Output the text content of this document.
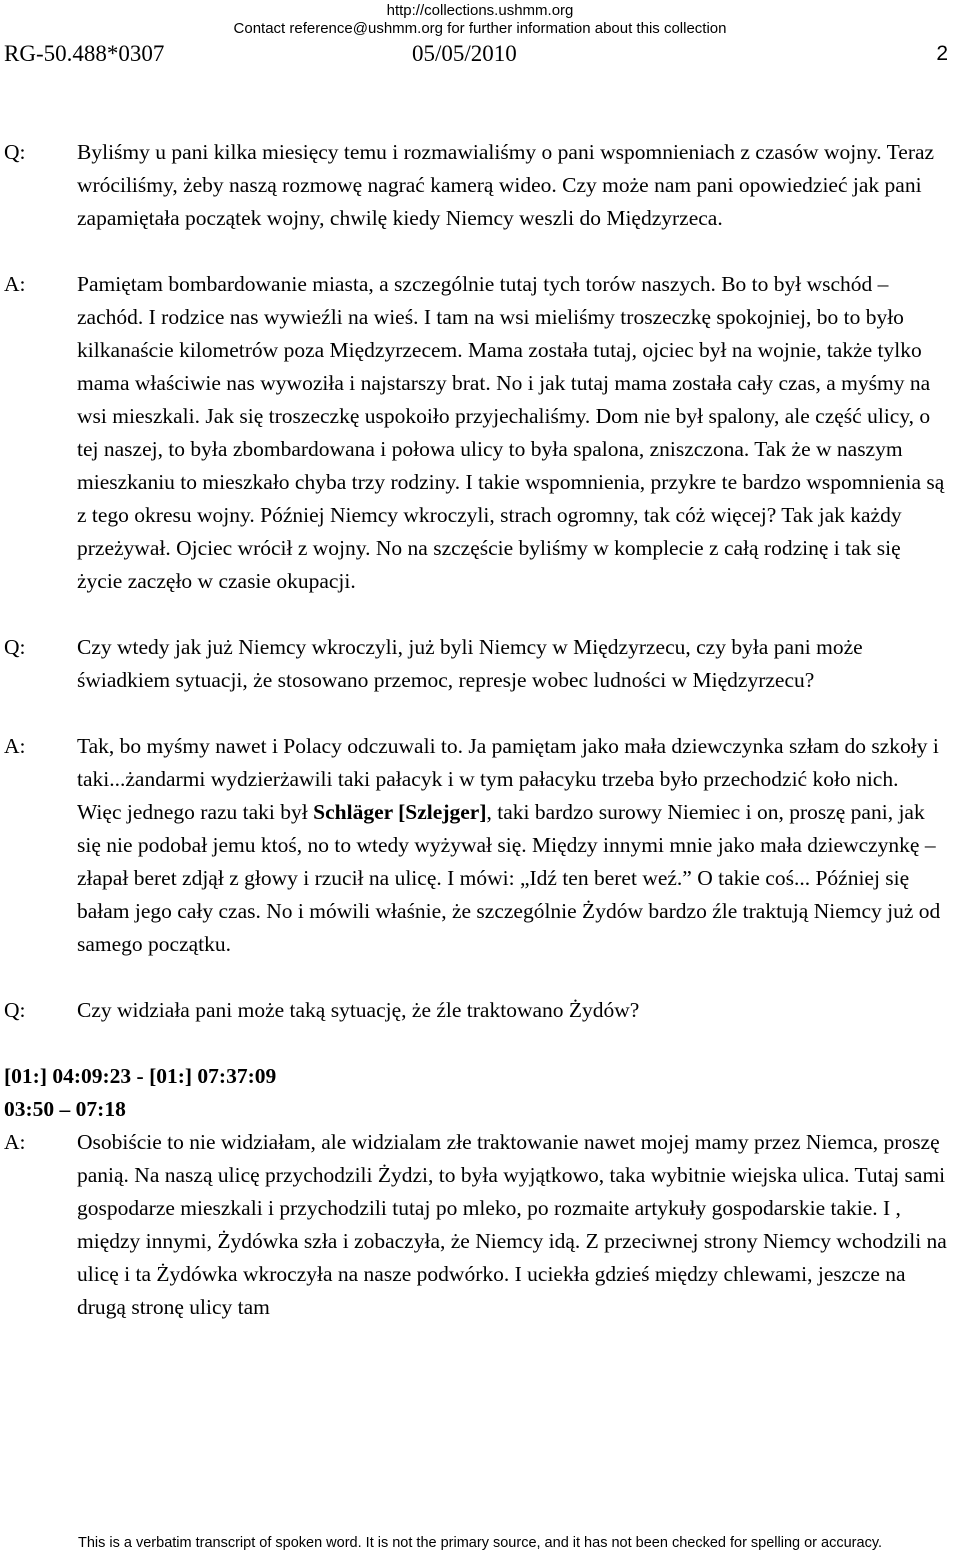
http://collections.ushmm.org
Contact reference@ushmm.org for further information about this collection
RG-50.488*0307	05/05/2010	2
Q: Byliśmy u pani kilka miesięcy temu i rozmawialiśmy o pani wspomnieniach z czasów wojny. Teraz wróciliśmy, żeby naszą rozmowę nagrać kamerą wideo. Czy może nam pani opowiedzieć jak pani zapamiętała początek wojny, chwilę kiedy Niemcy weszli do Międzyrzeca.
A: Pamiętam bombardowanie miasta, a szczególnie tutaj tych torów naszych. Bo to był wschód – zachód. I rodzice nas wywieźli na wieś. I tam na wsi mieliśmy troszeczkę spokojniej, bo to było kilkanaście kilometrów poza Międzyrzecem. Mama została tutaj, ojciec był na wojnie, także tylko mama właściwie nas wywoziła i najstarszy brat. No i jak tutaj mama została cały czas, a myśmy na wsi mieszkali. Jak się troszeczkę uspokoiło przyjechaliśmy. Dom nie był spalony, ale część ulicy, o tej naszej, to była zbombardowana i połowa ulicy to była spalona, zniszczona. Tak że w naszym mieszkaniu to mieszkało chyba trzy rodziny. I takie wspomnienia, przykre te bardzo wspomnienia są z tego okresu wojny. Później Niemcy wkroczyli, strach ogromny, tak cóż więcej? Tak jak każdy przeżywał. Ojciec wrócił z wojny. No na szczęście byliśmy w komplecie z całą rodzinę i tak się życie zaczęło w czasie okupacji.
Q: Czy wtedy jak już Niemcy wkroczyli, już byli Niemcy w Międzyrzecu, czy była pani może świadkiem sytuacji, że stosowano przemoc, represje wobec ludności w Międzyrzecu?
A: Tak, bo myśmy nawet i Polacy odczuwali to. Ja pamiętam jako mała dziewczynka szłam do szkoły i taki...żandarmi wydzierżawili taki pałacyk i w tym pałacyku trzeba było przechodzić koło nich. Więc jednego razu taki był Schläger [Szlejger], taki bardzo surowy Niemiec i on, proszę pani, jak się nie podobał jemu ktoś, no to wtedy wyżywał się. Między innymi mnie jako mała dziewczynkę – złapał beret zdjął z głowy i rzucił na ulicę. I mówi: „Idź ten beret weź.” O takie coś... Później się bałam jego cały czas. No i mówili właśnie, że szczególnie Żydów bardzo źle traktują Niemcy już od samego początku.
Q: Czy widziała pani może taką sytuację, że źle traktowano Żydów?
[01:] 04:09:23 - [01:] 07:37:09
03:50 – 07:18
A: Osobiście to nie widziałam, ale widzialam złe traktowanie nawet mojej mamy przez Niemca, proszę panią. Na naszą ulicę przychodzili Żydzi, to była wyjątkowo, taka wybitnie wiejska ulica. Tutaj sami gospodarze mieszkali i przychodzili tutaj po mleko, po rozmaite artykuły gospodarskie takie. I , między innymi, Żydówka szła i zobaczyła, że Niemcy idą. Z przeciwnej strony Niemcy wchodzili na ulicę i ta Żydówka wkroczyła na nasze podwórko. I uciekła gdzieś między chlewami, jeszcze na drugą stronę ulicy tam
This is a verbatim transcript of spoken word. It is not the primary source, and it has not been checked for spelling or accuracy.
